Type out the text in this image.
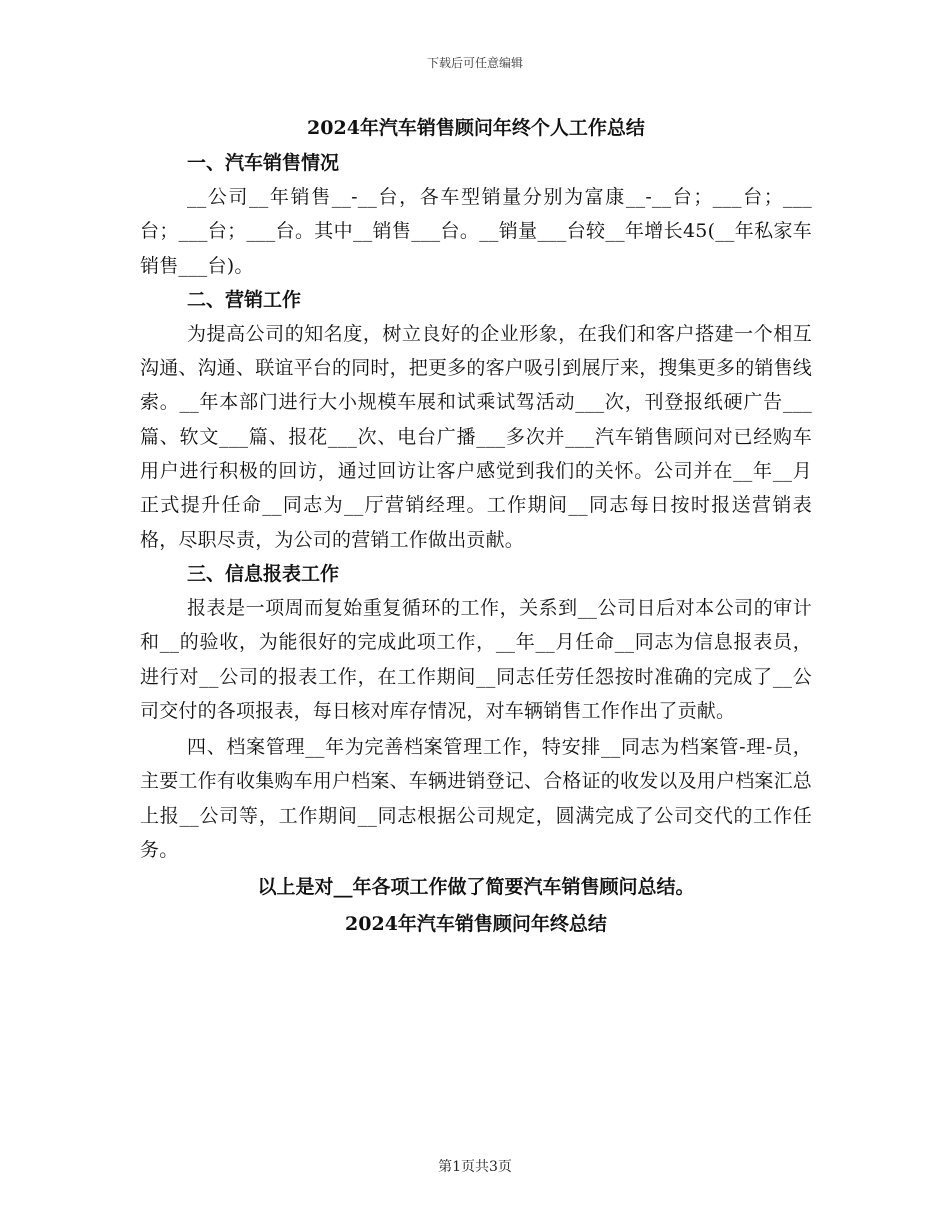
下载后可任意编辑

2024年汽车销售顾问年终个人工作总结

一、汽车销售情况

__公司__年销售__-__台，各车型销量分别为富康__-__台；___台；___台；___台；___台。其中__销售___台。__销量___台较__年增长45(__年私家车销售___台)。

二、营销工作

为提高公司的知名度，树立良好的企业形象，在我们和客户搭建一个相互沟通、沟通、联谊平台的同时，把更多的客户吸引到展厅来，搜集更多的销售线索。__年本部门进行大小规模车展和试乘试驾活动___次，刊登报纸硬广告___篇、软文___篇、报花___次、电台广播___多次并___汽车销售顾问对已经购车用户进行积极的回访，通过回访让客户感觉到我们的关怀。公司并在__年__月正式提升任命__同志为__厅营销经理。工作期间__同志每日按时报送营销表格，尽职尽责，为公司的营销工作做出贡献。

三、信息报表工作

报表是一项周而复始重复循环的工作，关系到__公司日后对本公司的审计和__的验收，为能很好的完成此项工作，__年__月任命__同志为信息报表员，进行对__公司的报表工作，在工作期间__同志任劳任怨按时准确的完成了__公司交付的各项报表，每日核对库存情况，对车辆销售工作作出了贡献。

四、档案管理__年为完善档案管理工作，特安排__同志为档案管-理-员，主要工作有收集购车用户档案、车辆进销登记、合格证的收发以及用户档案汇总上报__公司等，工作期间__同志根据公司规定，圆满完成了公司交代的工作任务。

以上是对__年各项工作做了简要汽车销售顾问总结。

2024年汽车销售顾问年终总结

第1页共3页
